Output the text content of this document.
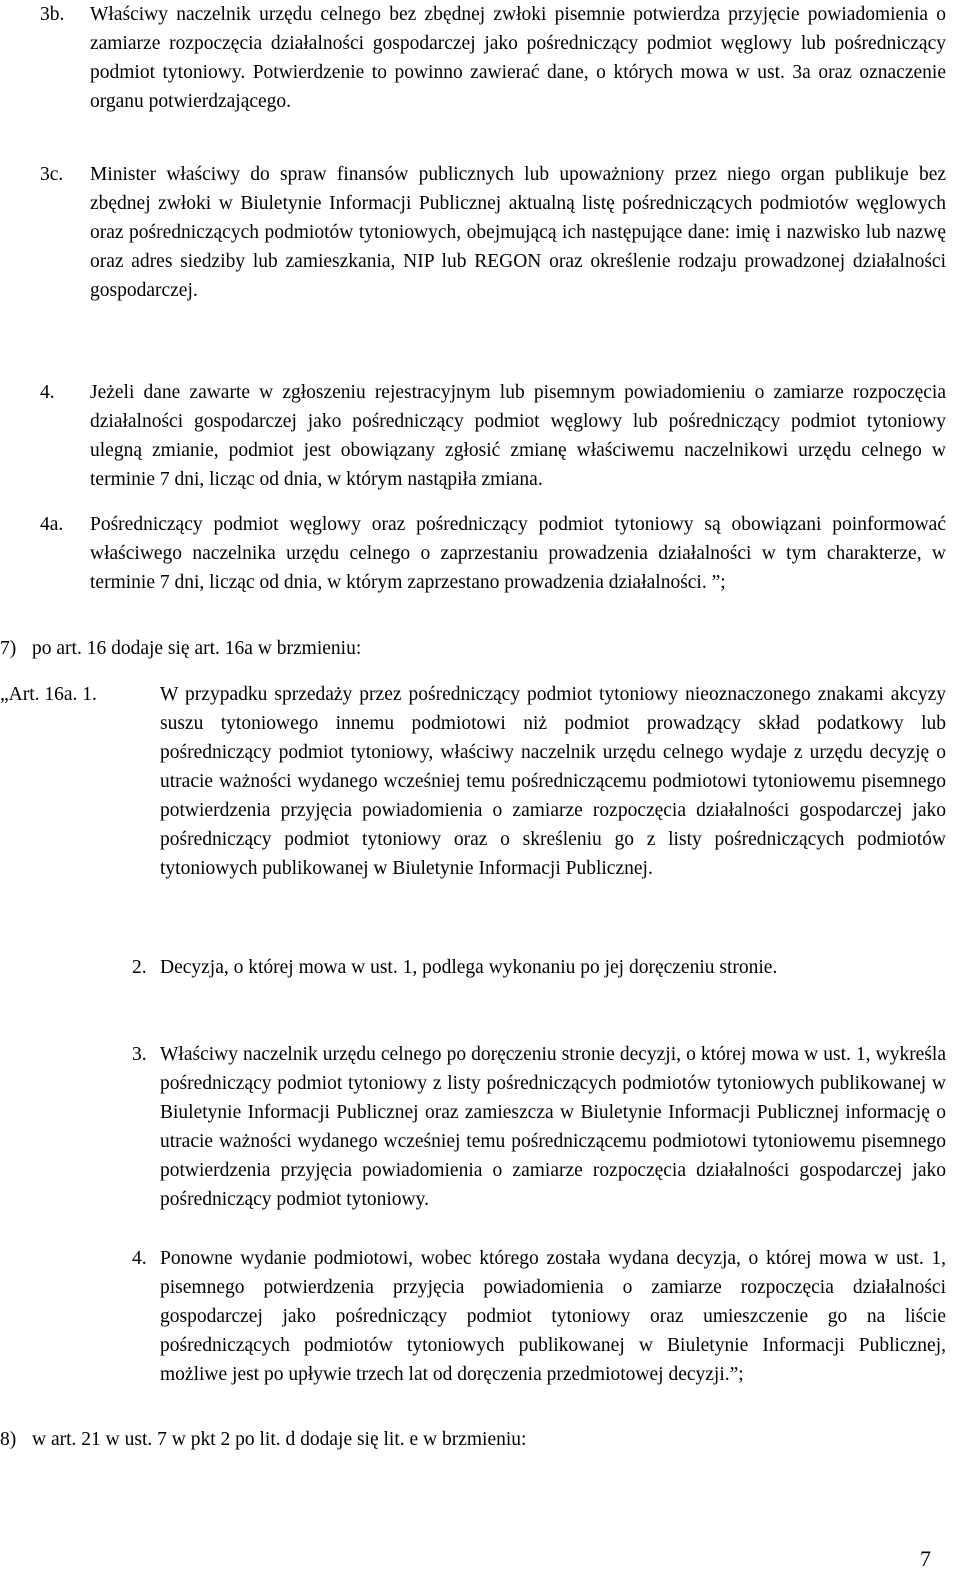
3b. Właściwy naczelnik urzędu celnego bez zbędnej zwłoki pisemnie potwierdza przyjęcie powiadomienia o zamiarze rozpoczęcia działalności gospodarczej jako pośredniczący podmiot węglowy lub pośredniczący podmiot tytoniowy. Potwierdzenie to powinno zawierać dane, o których mowa w ust. 3a oraz oznaczenie organu potwierdzającego.
3c. Minister właściwy do spraw finansów publicznych lub upoważniony przez niego organ publikuje bez zbędnej zwłoki w Biuletynie Informacji Publicznej aktualną listę pośredniczących podmiotów węglowych oraz pośredniczących podmiotów tytoniowych, obejmującą ich następujące dane: imię i nazwisko lub nazwę oraz adres siedziby lub zamieszkania, NIP lub REGON oraz określenie rodzaju prowadzonej działalności gospodarczej.
4. Jeżeli dane zawarte w zgłoszeniu rejestracyjnym lub pisemnym powiadomieniu o zamiarze rozpoczęcia działalności gospodarczej jako pośredniczący podmiot węglowy lub pośredniczący podmiot tytoniowy ulegną zmianie, podmiot jest obowiązany zgłosić zmianę właściwemu naczelnikowi urzędu celnego w terminie 7 dni, licząc od dnia, w którym nastąpiła zmiana.
4a. Pośredniczący podmiot węglowy oraz pośredniczący podmiot tytoniowy są obowiązani poinformować właściwego naczelnika urzędu celnego o zaprzestaniu prowadzenia działalności w tym charakterze, w terminie 7 dni, licząc od dnia, w którym zaprzestano prowadzenia działalności. ”;
7) po art. 16 dodaje się art. 16a w brzmieniu:
„Art. 16a. 1.	W przypadku sprzedaży przez pośredniczący podmiot tytoniowy nieoznaczonego znakami akcyzy suszu tytoniowego innemu podmiotowi niż podmiot prowadzący skład podatkowy lub pośredniczący podmiot tytoniowy, właściwy naczelnik urzędu celnego wydaje z urzędu decyzję o utracie ważności wydanego wcześniej temu pośredniczącemu podmiotowi tytoniowemu pisemnego potwierdzenia przyjęcia powiadomienia o zamiarze rozpoczęcia działalności gospodarczej jako pośredniczący podmiot tytoniowy oraz o skreśleniu go z listy pośredniczących podmiotów tytoniowych publikowanej w Biuletynie Informacji Publicznej.
2. Decyzja, o której mowa w ust. 1, podlega wykonaniu po jej doręczeniu stronie.
3. Właściwy naczelnik urzędu celnego po doręczeniu stronie decyzji, o której mowa w ust. 1, wykreśla pośredniczący podmiot tytoniowy z listy pośredniczących podmiotów tytoniowych publikowanej w Biuletynie Informacji Publicznej oraz zamieszcza w Biuletynie Informacji Publicznej informację o utracie ważności wydanego wcześniej temu pośredniczącemu podmiotowi tytoniowemu pisemnego potwierdzenia przyjęcia powiadomienia o zamiarze rozpoczęcia działalności gospodarczej jako pośredniczący podmiot tytoniowy.
4. Ponowne wydanie podmiotowi, wobec którego została wydana decyzja, o której mowa w ust. 1, pisemnego potwierdzenia przyjęcia powiadomienia o zamiarze rozpoczęcia działalności gospodarczej jako pośredniczący podmiot tytoniowy oraz umieszczenie go na liście pośredniczących podmiotów tytoniowych publikowanej w Biuletynie Informacji Publicznej, możliwe jest po upływie trzech lat od doręczenia przedmiotowej decyzji.”;
8) w art. 21 w ust. 7 w pkt 2 po lit. d dodaje się lit. e w brzmieniu:
7
